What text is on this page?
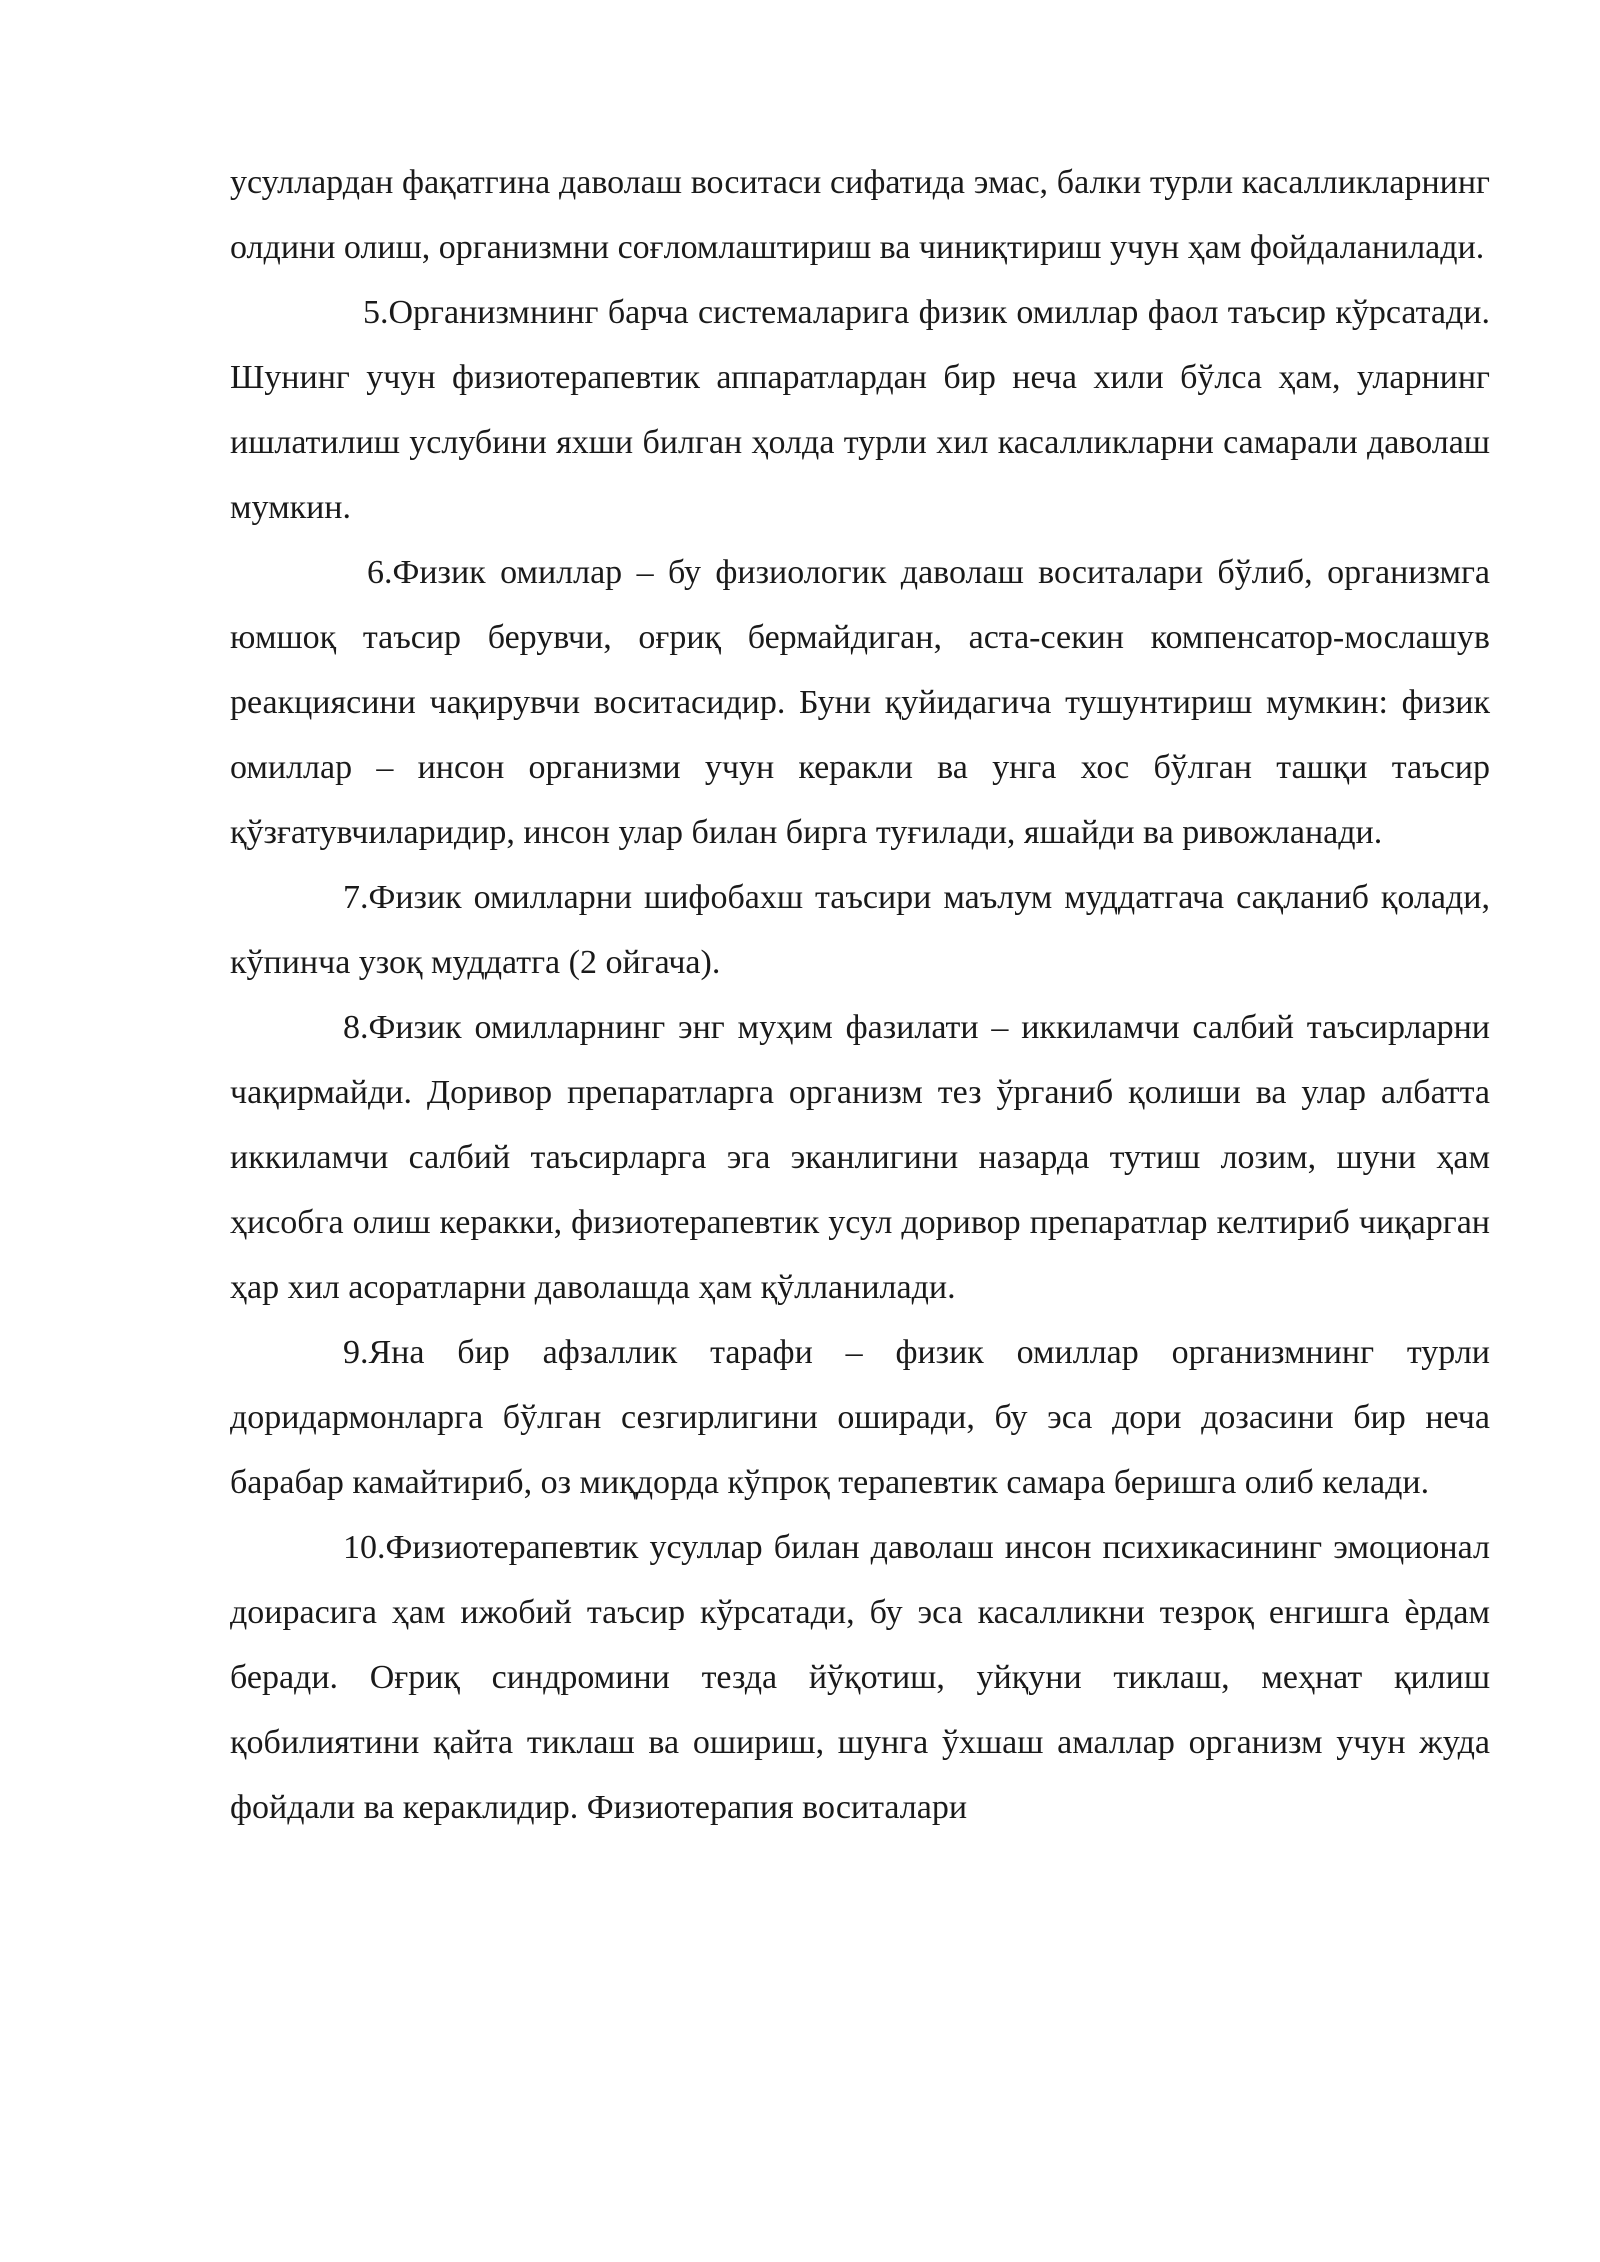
усуллардан фақатгина даволаш воситаси сифатида эмас, балки турли касалликларнинг олдини олиш, организмни соғломлаштириш ва чиниқтириш учун ҳам фойдаланилади.

5.Организмнинг барча системаларига физик омиллар фаол таъсир кўрсатади. Шунинг учун физиотерапевтик аппаратлардан бир неча хили бўлса ҳам, уларнинг ишлатилиш услубини яхши билган ҳолда турли хил касалликларни самарали даволаш мумкин.

6.Физик омиллар – бу физиологик даволаш воситалари бўлиб, организмга юмшоқ таъсир берувчи, оғриқ бермайдиган, аста-секин компенсатор-мослашув реакциясини чақирувчи воситасидир. Буни қуйидагича тушунтириш мумкин: физик омиллар – инсон организми учун керакли ва унга хос бўлган ташқи таъсир қўзғатувчиларидир, инсон улар билан бирга туғилади, яшайди ва ривожланади.

7.Физик омилларни шифобахш таъсири маълум муддатгача сақланиб қолади, кўпинча узоқ муддатга (2 ойгача).

8.Физик омилларнинг энг муҳим фазилати – иккиламчи салбий таъсирларни чақирмайди. Доривор препаратларга организм тез ўрганиб қолиши ва улар албатта иккиламчи салбий таъсирларга эга эканлигини назарда тутиш лозим, шуни ҳам ҳисобга олиш керакки, физиотерапевтик усул доривор препаратлар келтириб чиқарган ҳар хил асоратларни даволашда ҳам қўлланилади.

9.Яна бир афзаллик тарафи – физик омиллар организмнинг турли доридармонларга бўлган сезгирлигини оширади, бу эса дори дозасини бир неча барабар камайтириб, оз миқдорда кўпроқ терапевтик самара беришга олиб келади.

10.Физиотерапевтик усуллар билан даволаш инсон психикасининг эмоционал доирасига ҳам ижобий таъсир кўрсатади, бу эса касалликни тезроқ енгишга ѐрдам беради. Оғриқ синдромини тезда йўқотиш, уйқуни тиклаш, меҳнат қилиш қобилиятини қайта тиклаш ва ошириш, шунга ўхшаш амаллар организм учун жуда фойдали ва кераклидир. Физиотерапия воситалари
